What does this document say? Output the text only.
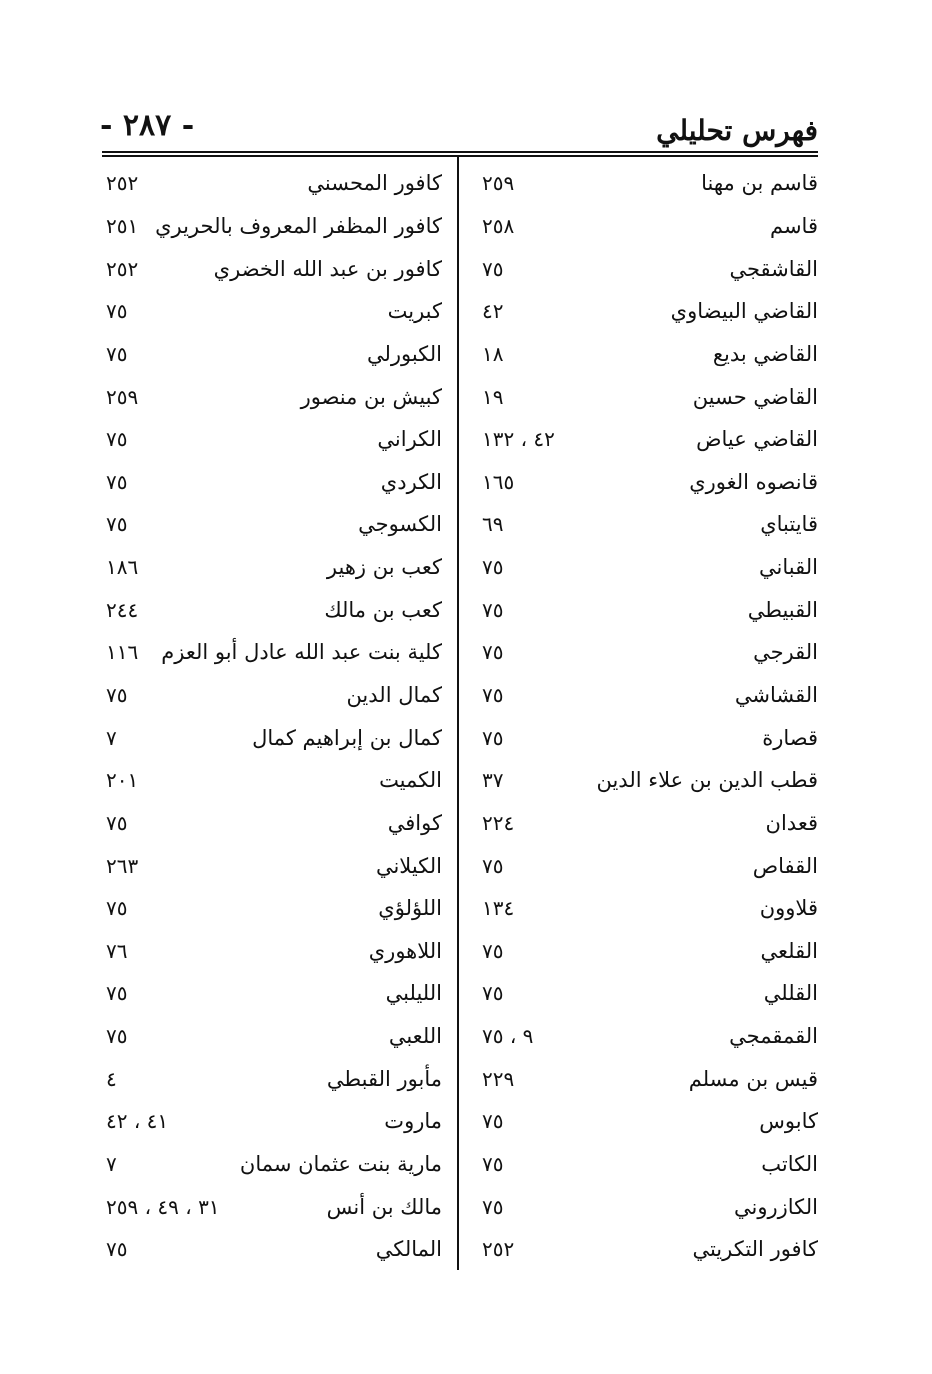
- ٢٨٧ -	فهرس تحليلي
قاسم بن مهنا
٢٥٩
قاسم
٢٥٨
القاشقجي
٧٥
القاضي البيضاوي
٤٢
القاضي بديع
١٨
القاضي حسين
١٩
القاضي عياض
٤٢ ، ١٣٢
قانصوه الغوري
١٦٥
قايتباي
٦٩
القباني
٧٥
القبيطي
٧٥
القرجي
٧٥
القشاشي
٧٥
قصارة
٧٥
قطب الدين بن علاء الدين
٣٧
قعدان
٢٢٤
القفاص
٧٥
قلاوون
١٣٤
القلعي
٧٥
القللي
٧٥
القمقمجي
٩ ، ٧٥
قيس بن مسلم
٢٢٩
كابوس
٧٥
الكاتب
٧٥
الكازروني
٧٥
كافور التكريتي
٢٥٢
كافور المحسني
٢٥٢
كافور المظفر المعروف بالحريري
٢٥١
كافور بن عبد الله الخضري
٢٥٢
كبريت
٧٥
الكبورلي
٧٥
كبيش بن منصور
٢٥٩
الكراني
٧٥
الكردي
٧٥
الكسوجي
٧٥
كعب بن زهير
١٨٦
كعب بن مالك
٢٤٤
كلية بنت عبد الله عادل أبو العزم
١١٦
كمال الدين
٧٥
كمال بن إبراهيم كمال
٧
الكميت
٢٠١
كوافي
٧٥
الكيلاني
٢٦٣
اللؤلؤي
٧٥
اللاهوري
٧٦
الليلبي
٧٥
اللعبي
٧٥
مأبور القبطي
٤
ماروت
٤١ ، ٤٢
مارية بنت عثمان سمان
٧
مالك بن أنس
٣١ ، ٤٩ ، ٢٥٩
المالكي
٧٥
